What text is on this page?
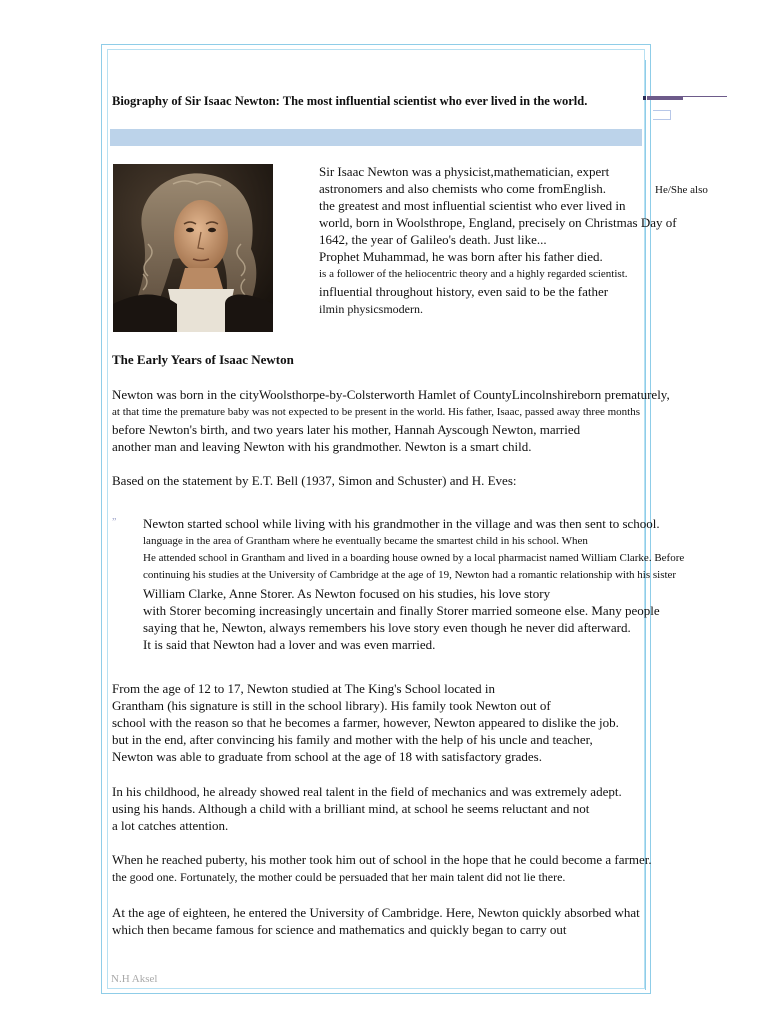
Biography of Sir Isaac Newton: The most influential scientist who ever lived in the world.
Sir Isaac Newton was a physicist,mathematician, expert
astronomers and also chemists who come fromEnglish.	He/She also
the greatest and most influential scientist who ever lived in
world, born in Woolsthrope, England, precisely on Christmas Day of
1642, the year of Galileo's death. Just like...
Prophet Muhammad, he was born after his father died.
is a follower of the heliocentric theory and a highly regarded scientist.
influential throughout history, even said to be the father
ilmin physicsmodern.
The Early Years of Isaac Newton
Newton was born in the cityWoolsthorpe-by-Colsterworth Hamlet of CountyLincolnshireborn prematurely,
at that time the premature baby was not expected to be present in the world. His father, Isaac, passed away three months
before Newton's birth, and two years later his mother, Hannah Ayscough Newton, married
another man and leaving Newton with his grandmother. Newton is a smart child.
Based on the statement by E.T. Bell (1937, Simon and Schuster) and H. Eves:
” Newton started school while living with his grandmother in the village and was then sent to school.
language in the area of Grantham where he eventually became the smartest child in his school. When
He attended school in Grantham and lived in a boarding house owned by a local pharmacist named William Clarke. Before
continuing his studies at the University of Cambridge at the age of 19, Newton had a romantic relationship with his sister
William Clarke, Anne Storer. As Newton focused on his studies, his love story
with Storer becoming increasingly uncertain and finally Storer married someone else. Many people
saying that he, Newton, always remembers his love story even though he never did afterward.
It is said that Newton had a lover and was even married.
From the age of 12 to 17, Newton studied at The King's School located in
Grantham (his signature is still in the school library). His family took Newton out of
school with the reason so that he becomes a farmer, however, Newton appeared to dislike the job.
but in the end, after convincing his family and mother with the help of his uncle and teacher,
Newton was able to graduate from school at the age of 18 with satisfactory grades.
In his childhood, he already showed real talent in the field of mechanics and was extremely adept.
using his hands. Although a child with a brilliant mind, at school he seems reluctant and not
a lot catches attention.
When he reached puberty, his mother took him out of school in the hope that he could become a farmer.
the good one. Fortunately, the mother could be persuaded that her main talent did not lie there.
At the age of eighteen, he entered the University of Cambridge. Here, Newton quickly absorbed what
which then became famous for science and mathematics and quickly began to carry out
N.H Aksel
